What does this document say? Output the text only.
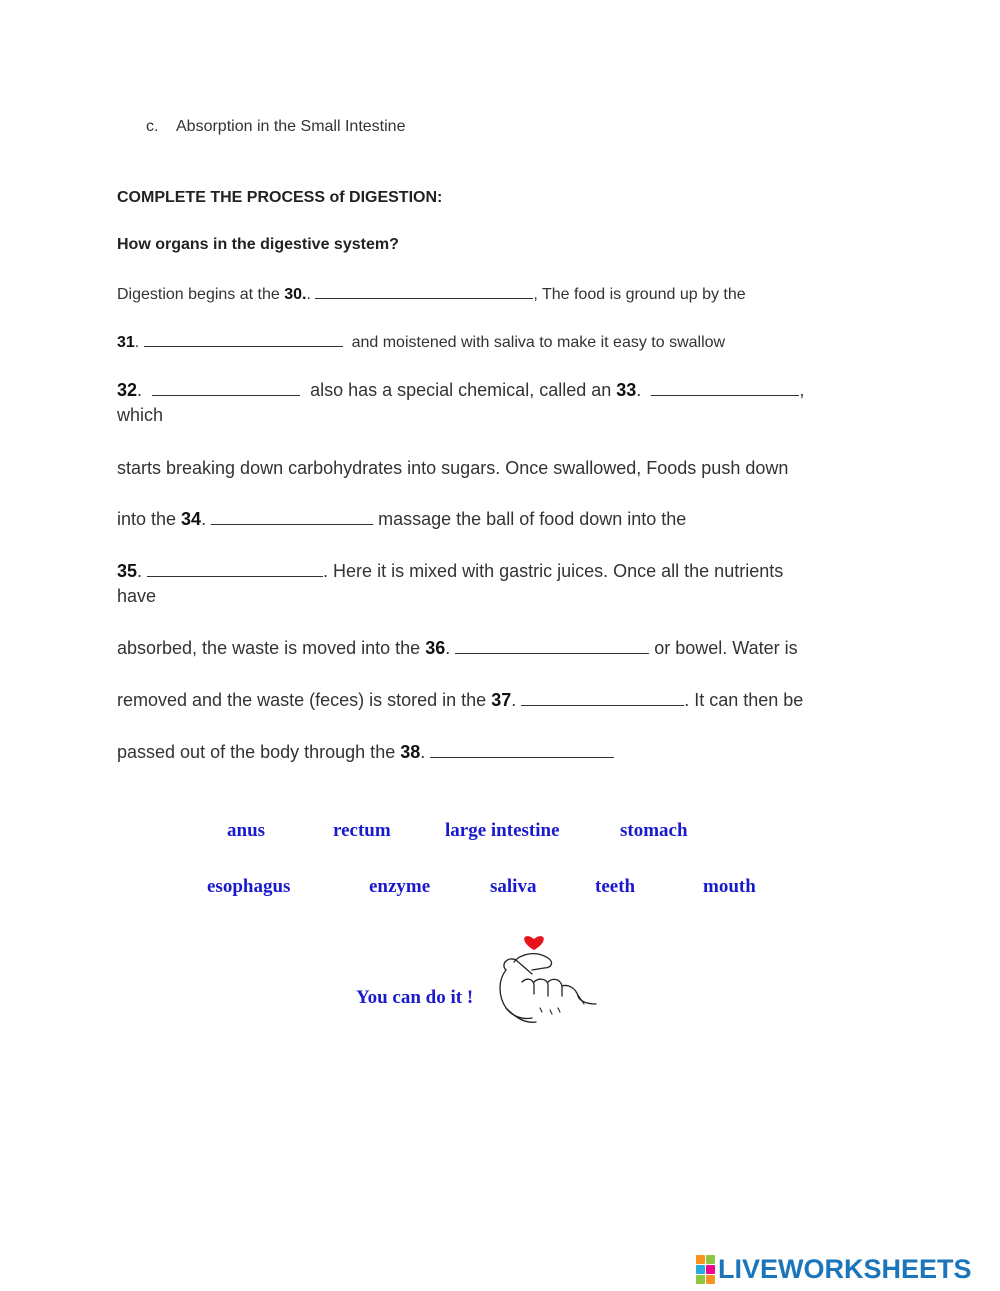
c. Absorption in the Small Intestine
COMPLETE THE PROCESS of DIGESTION:
How organs in the digestive system?
Digestion begins at the 30..	, The food is ground up by the
31.	and moistened with saliva to make it easy to swallow
32.	also has a special chemical, called an 33.	,
which
starts breaking down carbohydrates into sugars. Once swallowed, Foods push down
into the 34.	massage the ball of food down into the
35.	. Here it is mixed with gastric juices. Once all the nutrients
have
absorbed, the waste is moved into the 36.	or bowel. Water is
removed and the waste (feces) is stored in the 37.	. It can then be
passed out of the body through the 38.
anus	rectum	large intestine	stomach
esophagus	enzyme	saliva	teeth	mouth
You can do it !
LIVEWORKSHEETS
